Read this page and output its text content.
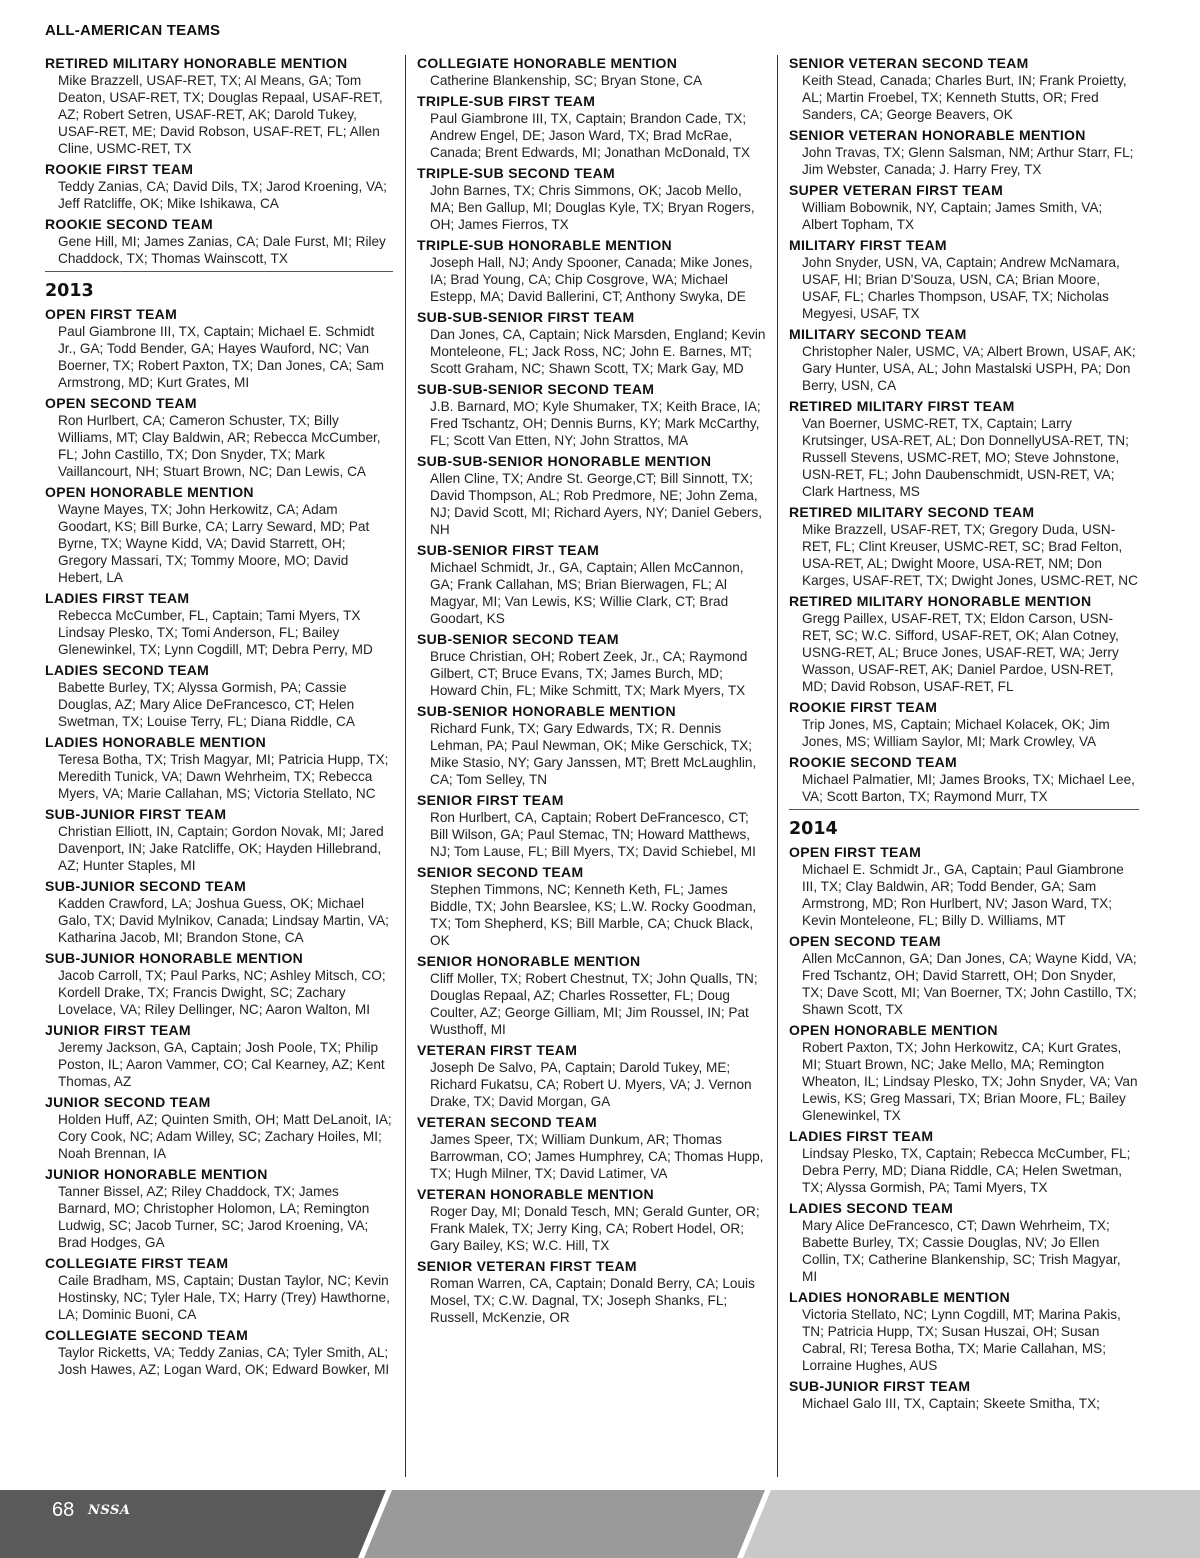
ALL-AMERICAN TEAMS
RETIRED MILITARY HONORABLE MENTION
Mike Brazzell, USAF-RET, TX; Al Means, GA; Tom Deaton, USAF-RET, TX; Douglas Repaal, USAF-RET, AZ; Robert Setren, USAF-RET, AK; Darold Tukey, USAF-RET, ME; David Robson, USAF-RET, FL; Allen Cline, USMC-RET, TX
ROOKIE FIRST TEAM
Teddy Zanias, CA; David Dils, TX; Jarod Kroening, VA; Jeff Ratcliffe, OK; Mike Ishikawa, CA
ROOKIE SECOND TEAM
Gene Hill, MI; James Zanias, CA; Dale Furst, MI; Riley Chaddock, TX; Thomas Wainscott, TX
2013
OPEN FIRST TEAM
Paul Giambrone III, TX, Captain; Michael E. Schmidt Jr., GA; Todd Bender, GA; Hayes Wauford, NC; Van Boerner, TX; Robert Paxton, TX; Dan Jones, CA; Sam Armstrong, MD; Kurt Grates, MI
OPEN SECOND TEAM
Ron Hurlbert, CA; Cameron Schuster, TX; Billy Williams, MT; Clay Baldwin, AR; Rebecca McCumber, FL; John Castillo, TX; Don Snyder, TX; Mark Vaillancourt, NH; Stuart Brown, NC; Dan Lewis, CA
OPEN HONORABLE MENTION
Wayne Mayes, TX; John Herkowitz, CA; Adam Goodart, KS; Bill Burke, CA; Larry Seward, MD; Pat Byrne, TX; Wayne Kidd, VA; David Starrett, OH; Gregory Massari, TX; Tommy Moore, MO; David Hebert, LA
LADIES FIRST TEAM
Rebecca McCumber, FL, Captain; Tami Myers, TX Lindsay Plesko, TX; Tomi Anderson, FL; Bailey Glenewinkel, TX; Lynn Cogdill, MT; Debra Perry, MD
LADIES SECOND TEAM
Babette Burley, TX; Alyssa Gormish, PA; Cassie Douglas, AZ; Mary Alice DeFrancesco, CT; Helen Swetman, TX; Louise Terry, FL; Diana Riddle, CA
LADIES HONORABLE MENTION
Teresa Botha, TX; Trish Magyar, MI; Patricia Hupp, TX; Meredith Tunick, VA; Dawn Wehrheim, TX; Rebecca Myers, VA; Marie Callahan, MS; Victoria Stellato, NC
SUB-JUNIOR FIRST TEAM
Christian Elliott, IN, Captain; Gordon Novak, MI; Jared Davenport, IN; Jake Ratcliffe, OK; Hayden Hillebrand, AZ; Hunter Staples, MI
SUB-JUNIOR SECOND TEAM
Kadden Crawford, LA; Joshua Guess, OK; Michael Galo, TX; David Mylnikov, Canada; Lindsay Martin, VA; Katharina Jacob, MI; Brandon Stone, CA
SUB-JUNIOR HONORABLE MENTION
Jacob Carroll, TX; Paul Parks, NC; Ashley Mitsch, CO; Kordell Drake, TX; Francis Dwight, SC; Zachary Lovelace, VA; Riley Dellinger, NC; Aaron Walton, MI
JUNIOR FIRST TEAM
Jeremy Jackson, GA, Captain; Josh Poole, TX; Philip Poston, IL; Aaron Vammer, CO; Cal Kearney, AZ; Kent Thomas, AZ
JUNIOR SECOND TEAM
Holden Huff, AZ; Quinten Smith, OH; Matt DeLanoit, IA; Cory Cook, NC; Adam Willey, SC; Zachary Hoiles, MI; Noah Brennan, IA
JUNIOR HONORABLE MENTION
Tanner Bissel, AZ; Riley Chaddock, TX; James Barnard, MO; Christopher Holomon, LA; Remington Ludwig, SC; Jacob Turner, SC; Jarod Kroening, VA; Brad Hodges, GA
COLLEGIATE FIRST TEAM
Caile Bradham, MS, Captain; Dustan Taylor, NC; Kevin Hostinsky, NC; Tyler Hale, TX; Harry (Trey) Hawthorne, LA; Dominic Buoni, CA
COLLEGIATE SECOND TEAM
Taylor Ricketts, VA; Teddy Zanias, CA; Tyler Smith, AL; Josh Hawes, AZ; Logan Ward, OK; Edward Bowker, MI
COLLEGIATE HONORABLE MENTION
Catherine Blankenship, SC; Bryan Stone, CA
TRIPLE-SUB FIRST TEAM
Paul Giambrone III, TX, Captain; Brandon Cade, TX; Andrew Engel, DE; Jason Ward, TX; Brad McRae, Canada; Brent Edwards, MI; Jonathan McDonald, TX
TRIPLE-SUB SECOND TEAM
John Barnes, TX; Chris Simmons, OK; Jacob Mello, MA; Ben Gallup, MI; Douglas Kyle, TX; Bryan Rogers, OH; James Fierros, TX
TRIPLE-SUB HONORABLE MENTION
Joseph Hall, NJ; Andy Spooner, Canada; Mike Jones, IA; Brad Young, CA; Chip Cosgrove, WA; Michael Estepp, MA; David Ballerini, CT; Anthony Swyka, DE
SUB-SUB-SENIOR FIRST TEAM
Dan Jones, CA, Captain; Nick Marsden, England; Kevin Monteleone, FL; Jack Ross, NC; John E. Barnes, MT; Scott Graham, NC; Shawn Scott, TX; Mark Gay, MD
SUB-SUB-SENIOR SECOND TEAM
J.B. Barnard, MO; Kyle Shumaker, TX; Keith Brace, IA; Fred Tschantz, OH; Dennis Burns, KY; Mark McCarthy, FL; Scott Van Etten, NY; John Strattos, MA
SUB-SUB-SENIOR HONORABLE MENTION
Allen Cline, TX; Andre St. George,CT; Bill Sinnott, TX; David Thompson, AL; Rob Predmore, NE; John Zema, NJ; David Scott, MI; Richard Ayers, NY; Daniel Gebers, NH
SUB-SENIOR FIRST TEAM
Michael Schmidt, Jr., GA, Captain; Allen McCannon, GA; Frank Callahan, MS; Brian Bierwagen, FL; Al Magyar, MI; Van Lewis, KS; Willie Clark, CT; Brad Goodart, KS
SUB-SENIOR SECOND TEAM
Bruce Christian, OH; Robert Zeek, Jr., CA; Raymond Gilbert, CT; Bruce Evans, TX; James Burch, MD; Howard Chin, FL; Mike Schmitt, TX; Mark Myers, TX
SUB-SENIOR HONORABLE MENTION
Richard Funk, TX; Gary Edwards, TX; R. Dennis Lehman, PA; Paul Newman, OK; Mike Gerschick, TX; Mike Stasio, NY; Gary Janssen, MT; Brett McLaughlin, CA; Tom Selley, TN
SENIOR FIRST TEAM
Ron Hurlbert, CA, Captain; Robert DeFrancesco, CT; Bill Wilson, GA; Paul Stemac, TN; Howard Matthews, NJ; Tom Lause, FL; Bill Myers, TX; David Schiebel, MI
SENIOR SECOND TEAM
Stephen Timmons, NC; Kenneth Keth, FL; James Biddle, TX; John Bearslee, KS; L.W. Rocky Goodman, TX; Tom Shepherd, KS; Bill Marble, CA; Chuck Black, OK
SENIOR HONORABLE MENTION
Cliff Moller, TX; Robert Chestnut, TX; John Qualls, TN; Douglas Repaal, AZ; Charles Rossetter, FL; Doug Coulter, AZ; George Gilliam, MI; Jim Roussel, IN; Pat Wusthoff, MI
VETERAN FIRST TEAM
Joseph De Salvo, PA, Captain; Darold Tukey, ME; Richard Fukatsu, CA; Robert U. Myers, VA; J. Vernon Drake, TX; David Morgan, GA
VETERAN SECOND TEAM
James Speer, TX; William Dunkum, AR; Thomas Barrowman, CO; James Humphrey, CA; Thomas Hupp, TX; Hugh Milner, TX; David Latimer, VA
VETERAN HONORABLE MENTION
Roger Day, MI; Donald Tesch, MN; Gerald Gunter, OR; Frank Malek, TX; Jerry King, CA; Robert Hodel, OR; Gary Bailey, KS; W.C. Hill, TX
SENIOR VETERAN FIRST TEAM
Roman Warren, CA, Captain; Donald Berry, CA; Louis Mosel, TX; C.W. Dagnal, TX; Joseph Shanks, FL; Russell, McKenzie, OR
SENIOR VETERAN SECOND TEAM
Keith Stead, Canada; Charles Burt, IN; Frank Proietty, AL; Martin Froebel, TX; Kenneth Stutts, OR; Fred Sanders, CA; George Beavers, OK
SENIOR VETERAN HONORABLE MENTION
John Travas, TX; Glenn Salsman, NM; Arthur Starr, FL; Jim Webster, Canada; J. Harry Frey, TX
SUPER VETERAN FIRST TEAM
William Bobownik, NY, Captain; James Smith, VA; Albert Topham, TX
MILITARY FIRST TEAM
John Snyder, USN, VA, Captain; Andrew McNamara, USAF, HI; Brian D'Souza, USN, CA; Brian Moore, USAF, FL; Charles Thompson, USAF, TX; Nicholas Megyesi, USAF, TX
MILITARY SECOND TEAM
Christopher Naler, USMC, VA; Albert Brown, USAF, AK; Gary Hunter, USA, AL; John Mastalski USPH, PA; Don Berry, USN, CA
RETIRED MILITARY FIRST TEAM
Van Boerner, USMC-RET, TX, Captain; Larry Krutsinger, USA-RET, AL; Don DonnellyUSA-RET, TN; Russell Stevens, USMC-RET, MO; Steve Johnstone, USN-RET, FL; John Daubenschmidt, USN-RET, VA; Clark Hartness, MS
RETIRED MILITARY SECOND TEAM
Mike Brazzell, USAF-RET, TX; Gregory Duda, USN-RET, FL; Clint Kreuser, USMC-RET, SC; Brad Felton, USA-RET, AL; Dwight Moore, USA-RET, NM; Don Karges, USAF-RET, TX; Dwight Jones, USMC-RET, NC
RETIRED MILITARY HONORABLE MENTION
Gregg Paillex, USAF-RET, TX; Eldon Carson, USN-RET, SC; W.C. Sifford, USAF-RET, OK; Alan Cotney, USNG-RET, AL; Bruce Jones, USAF-RET, WA; Jerry Wasson, USAF-RET, AK; Daniel Pardoe, USN-RET, MD; David Robson, USAF-RET, FL
ROOKIE FIRST TEAM
Trip Jones, MS, Captain; Michael Kolacek, OK; Jim Jones, MS; William Saylor, MI; Mark Crowley, VA
ROOKIE SECOND TEAM
Michael Palmatier, MI; James Brooks, TX; Michael Lee, VA; Scott Barton, TX; Raymond Murr, TX
2014
OPEN FIRST TEAM
Michael E. Schmidt Jr., GA, Captain; Paul Giambrone III, TX; Clay Baldwin, AR; Todd Bender, GA; Sam Armstrong, MD; Ron Hurlbert, NV; Jason Ward, TX; Kevin Monteleone, FL; Billy D. Williams, MT
OPEN SECOND TEAM
Allen McCannon, GA; Dan Jones, CA; Wayne Kidd, VA; Fred Tschantz, OH; David Starrett, OH; Don Snyder, TX; Dave Scott, MI; Van Boerner, TX; John Castillo, TX; Shawn Scott, TX
OPEN HONORABLE MENTION
Robert Paxton, TX; John Herkowitz, CA; Kurt Grates, MI; Stuart Brown, NC; Jake Mello, MA; Remington Wheaton, IL; Lindsay Plesko, TX; John Snyder, VA; Van Lewis, KS; Greg Massari, TX; Brian Moore, FL; Bailey Glenewinkel, TX
LADIES FIRST TEAM
Lindsay Plesko, TX, Captain; Rebecca McCumber, FL; Debra Perry, MD; Diana Riddle, CA; Helen Swetman, TX; Alyssa Gormish, PA; Tami Myers, TX
LADIES SECOND TEAM
Mary Alice DeFrancesco, CT; Dawn Wehrheim, TX; Babette Burley, TX; Cassie Douglas, NV; Jo Ellen Collin, TX; Catherine Blankenship, SC; Trish Magyar, MI
LADIES HONORABLE MENTION
Victoria Stellato, NC; Lynn Cogdill, MT; Marina Pakis, TN; Patricia Hupp, TX; Susan Huszai, OH; Susan Cabral, RI; Teresa Botha, TX; Marie Callahan, MS; Lorraine Hughes, AUS
SUB-JUNIOR FIRST TEAM
Michael Galo III, TX, Captain; Skeete Smitha, TX;
68 NSSA
